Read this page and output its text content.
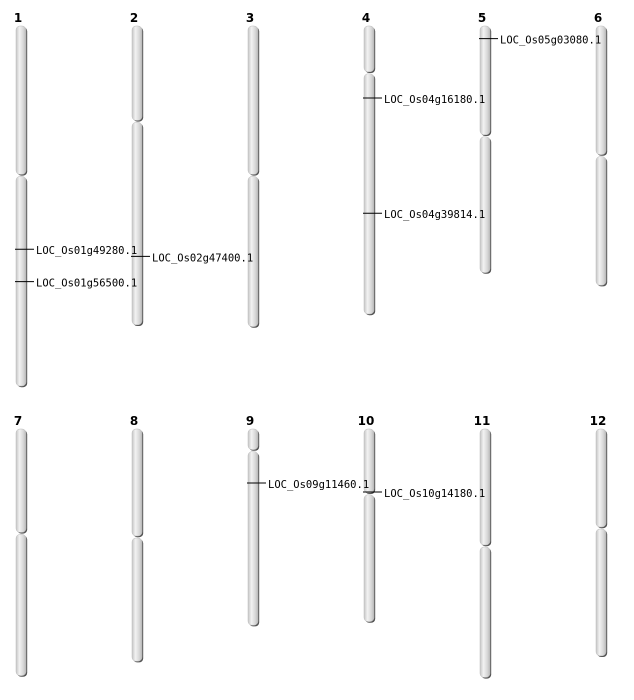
1	2	3	4	5	6
7	8	9	10	11	12
LOC_Os01g49280.1
LOC_Os01g56500.1
LOC_Os02g47400.1
LOC_Os04g16180.1
LOC_Os04g39814.1
LOC_Os05g03080.1
LOC_Os09g11460.1
LOC_Os10g14180.1
